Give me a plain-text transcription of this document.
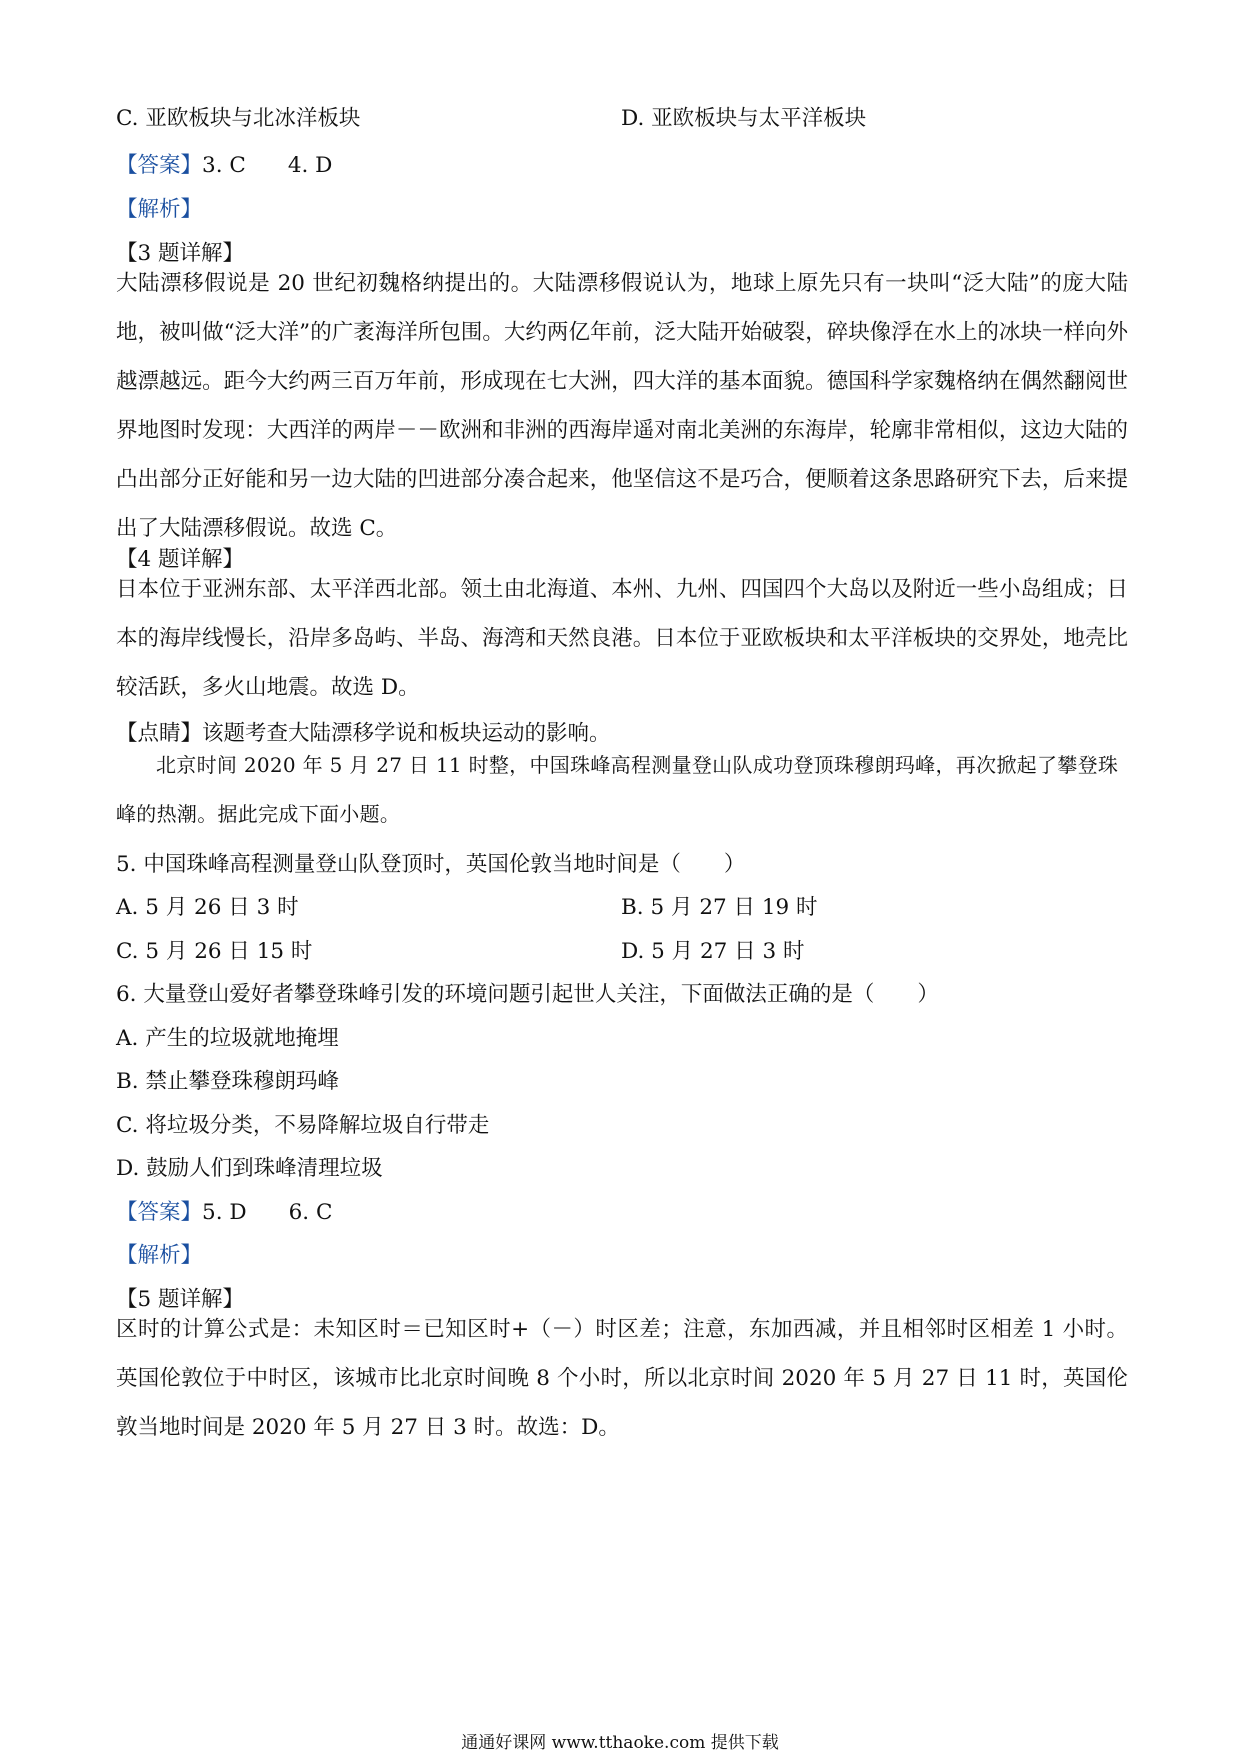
C. 亚欧板块与北冰洋板块	D. 亚欧板块与太平洋板块
【答案】3. C 4. D
【解析】
【3 题详解】
大陆漂移假说是 20 世纪初魏格纳提出的。大陆漂移假说认为，地球上原先只有一块叫“泛大陆”的庞大陆地，被叫做“泛大洋”的广袤海洋所包围。大约两亿年前，泛大陆开始破裂，碎块像浮在水上的冰块一样向外越漂越远。距今大约两三百万年前，形成现在七大洲，四大洋的基本面貌。德国科学家魏格纳在偶然翻阅世界地图时发现：大西洋的两岸－－欧洲和非洲的西海岸遥对南北美洲的东海岸，轮廓非常相似，这边大陆的凸出部分正好能和另一边大陆的凹进部分凑合起来，他坚信这不是巧合，便顺着这条思路研究下去，后来提出了大陆漂移假说。故选 C。
【4 题详解】
日本位于亚洲东部、太平洋西北部。领土由北海道、本州、九州、四国四个大岛以及附近一些小岛组成；日本的海岸线慢长，沿岸多岛屿、半岛、海湾和天然良港。日本位于亚欧板块和太平洋板块的交界处，地壳比较活跃，多火山地震。故选 D。
【点睛】该题考查大陆漂移学说和板块运动的影响。
北京时间 2020 年 5 月 27 日 11 时整，中国珠峰高程测量登山队成功登顶珠穆朗玛峰，再次掀起了攀登珠峰的热潮。据此完成下面小题。
5. 中国珠峰高程测量登山队登顶时，英国伦敦当地时间是（　　）
A. 5 月 26 日 3 时	B. 5 月 27 日 19 时
C. 5 月 26 日 15 时	D. 5 月 27 日 3 时
6. 大量登山爱好者攀登珠峰引发的环境问题引起世人关注，下面做法正确的是（　　）
A. 产生的垃圾就地掩埋
B. 禁止攀登珠穆朗玛峰
C. 将垃圾分类，不易降解垃圾自行带走
D. 鼓励人们到珠峰清理垃圾
【答案】5. D 6. C
【解析】
【5 题详解】
区时的计算公式是：未知区时＝已知区时+（－）时区差；注意，东加西减，并且相邻时区相差 1 小时。英国伦敦位于中时区，该城市比北京时间晚 8 个小时，所以北京时间 2020 年 5 月 27 日 11 时，英国伦敦当地时间是 2020 年 5 月 27 日 3 时。故选：D。
通通好课网 www.tthaoke.com 提供下载
